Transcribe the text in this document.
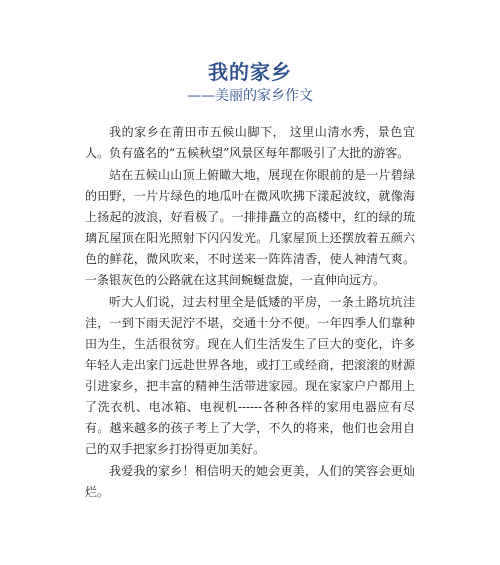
我的家乡
——美丽的家乡作文

我的家乡在莆田市五候山脚下， 这里山清水秀，景色宜人。负有盛名的“五候秋望”风景区每年都吸引了大批的游客。

站在五候山山顶上俯瞰大地，展现在你眼前的是一片碧绿的田野，一片片绿色的地瓜叶在微风吹拂下漾起波纹，就像海上扬起的波浪，好看极了。一排排矗立的高楼中，红的绿的琉璃瓦屋顶在阳光照射下闪闪发光。几家屋顶上还摆放着五颜六色的鲜花，微风吹来，不时送来一阵阵清香，使人神清气爽。一条银灰色的公路就在这其间蜿蜒盘旋，一直伸向远方。

听大人们说，过去村里全是低矮的平房，一条土路坑坑洼洼，一到下雨天泥泞不堪，交通十分不便。一年四季人们靠种田为生，生活很贫穷。现在人们生活发生了巨大的变化，许多年轻人走出家门远赴世界各地，或打工或经商，把滚滚的财源引进家乡，把丰富的精神生活带进家园。现在家家户户都用上了洗衣机、电冰箱、电视机------各种各样的家用电器应有尽有。越来越多的孩子考上了大学，不久的将来，他们也会用自己的双手把家乡打扮得更加美好。

我爱我的家乡！相信明天的她会更美，人们的笑容会更灿烂。
